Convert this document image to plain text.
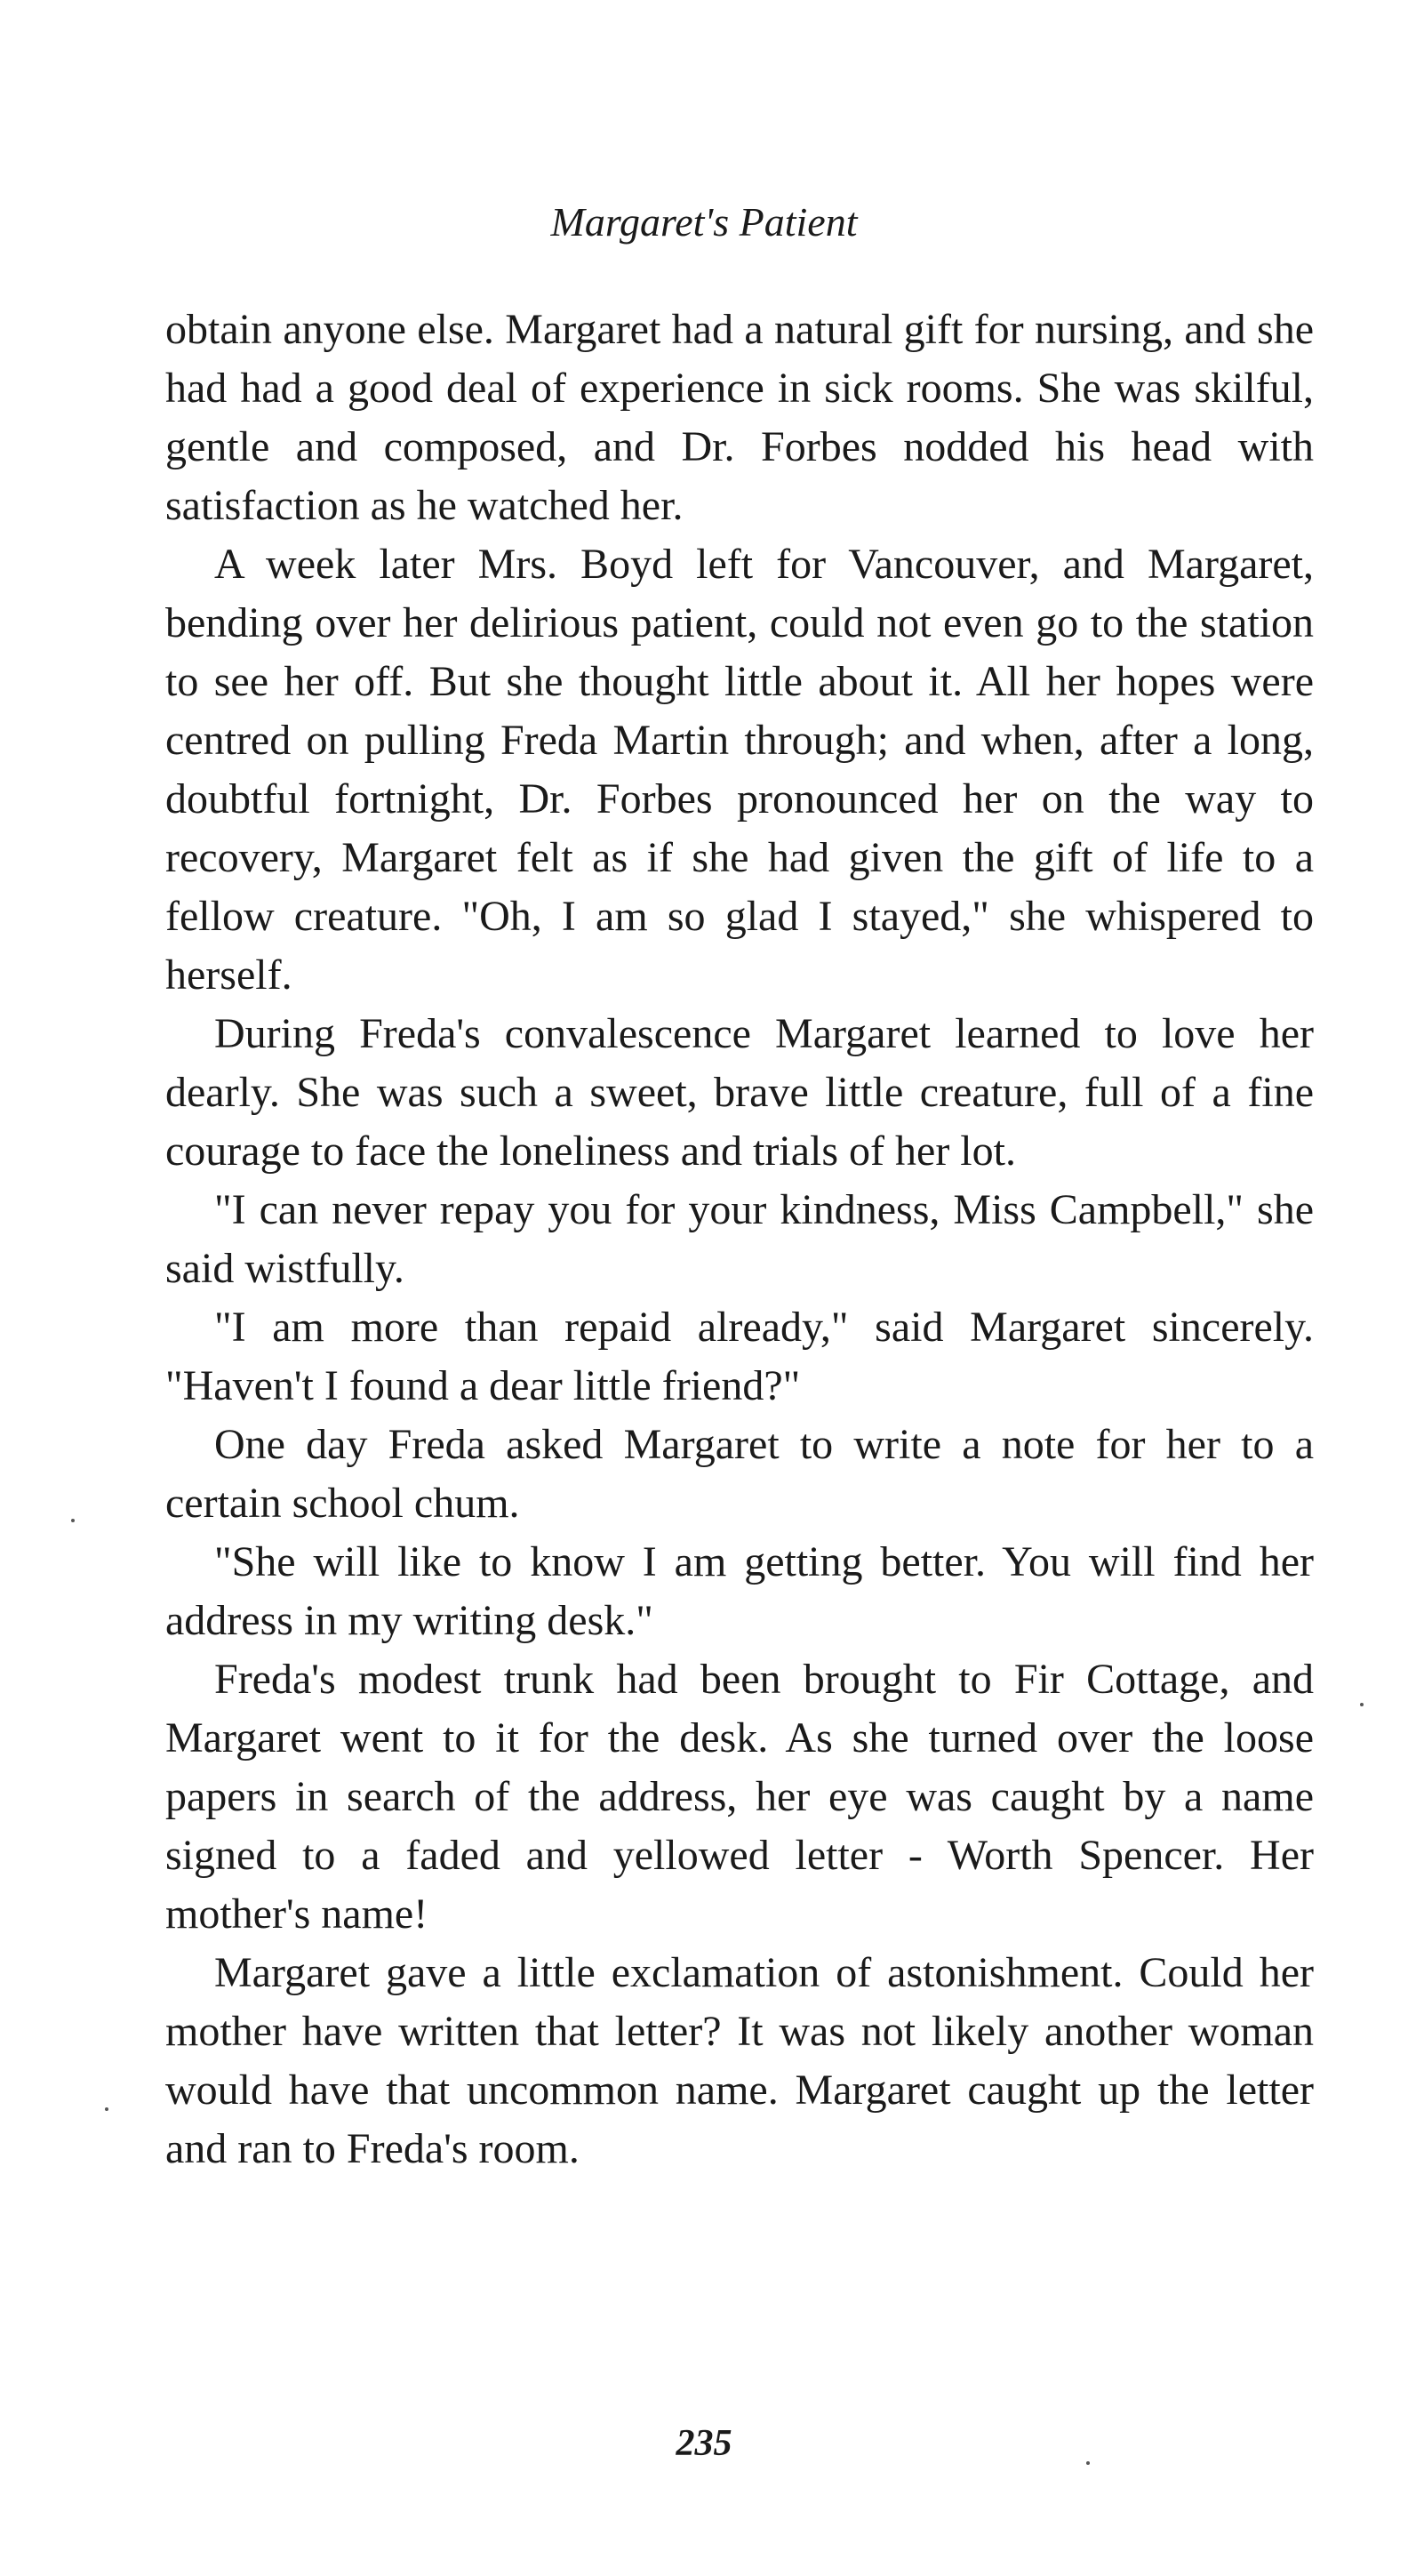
Margaret's Patient

obtain anyone else. Margaret had a natural gift for nursing, and she had had a good deal of experience in sick rooms. She was skilful, gentle and composed, and Dr. Forbes nodded his head with satisfaction as he watched her.

A week later Mrs. Boyd left for Vancouver, and Margaret, bending over her delirious patient, could not even go to the station to see her off. But she thought little about it. All her hopes were centred on pulling Freda Martin through; and when, after a long, doubtful fortnight, Dr. Forbes pronounced her on the way to recovery, Margaret felt as if she had given the gift of life to a fellow creature. "Oh, I am so glad I stayed," she whispered to herself.

During Freda's convalescence Margaret learned to love her dearly. She was such a sweet, brave little creature, full of a fine courage to face the loneliness and trials of her lot.

"I can never repay you for your kindness, Miss Campbell," she said wistfully.

"I am more than repaid already," said Margaret sincerely. "Haven't I found a dear little friend?"

One day Freda asked Margaret to write a note for her to a certain school chum.

"She will like to know I am getting better. You will find her address in my writing desk."

Freda's modest trunk had been brought to Fir Cottage, and Margaret went to it for the desk. As she turned over the loose papers in search of the address, her eye was caught by a name signed to a faded and yellowed letter - Worth Spencer. Her mother's name!

Margaret gave a little exclamation of astonishment. Could her mother have written that letter? It was not likely another woman would have that uncommon name. Margaret caught up the letter and ran to Freda's room.

235
